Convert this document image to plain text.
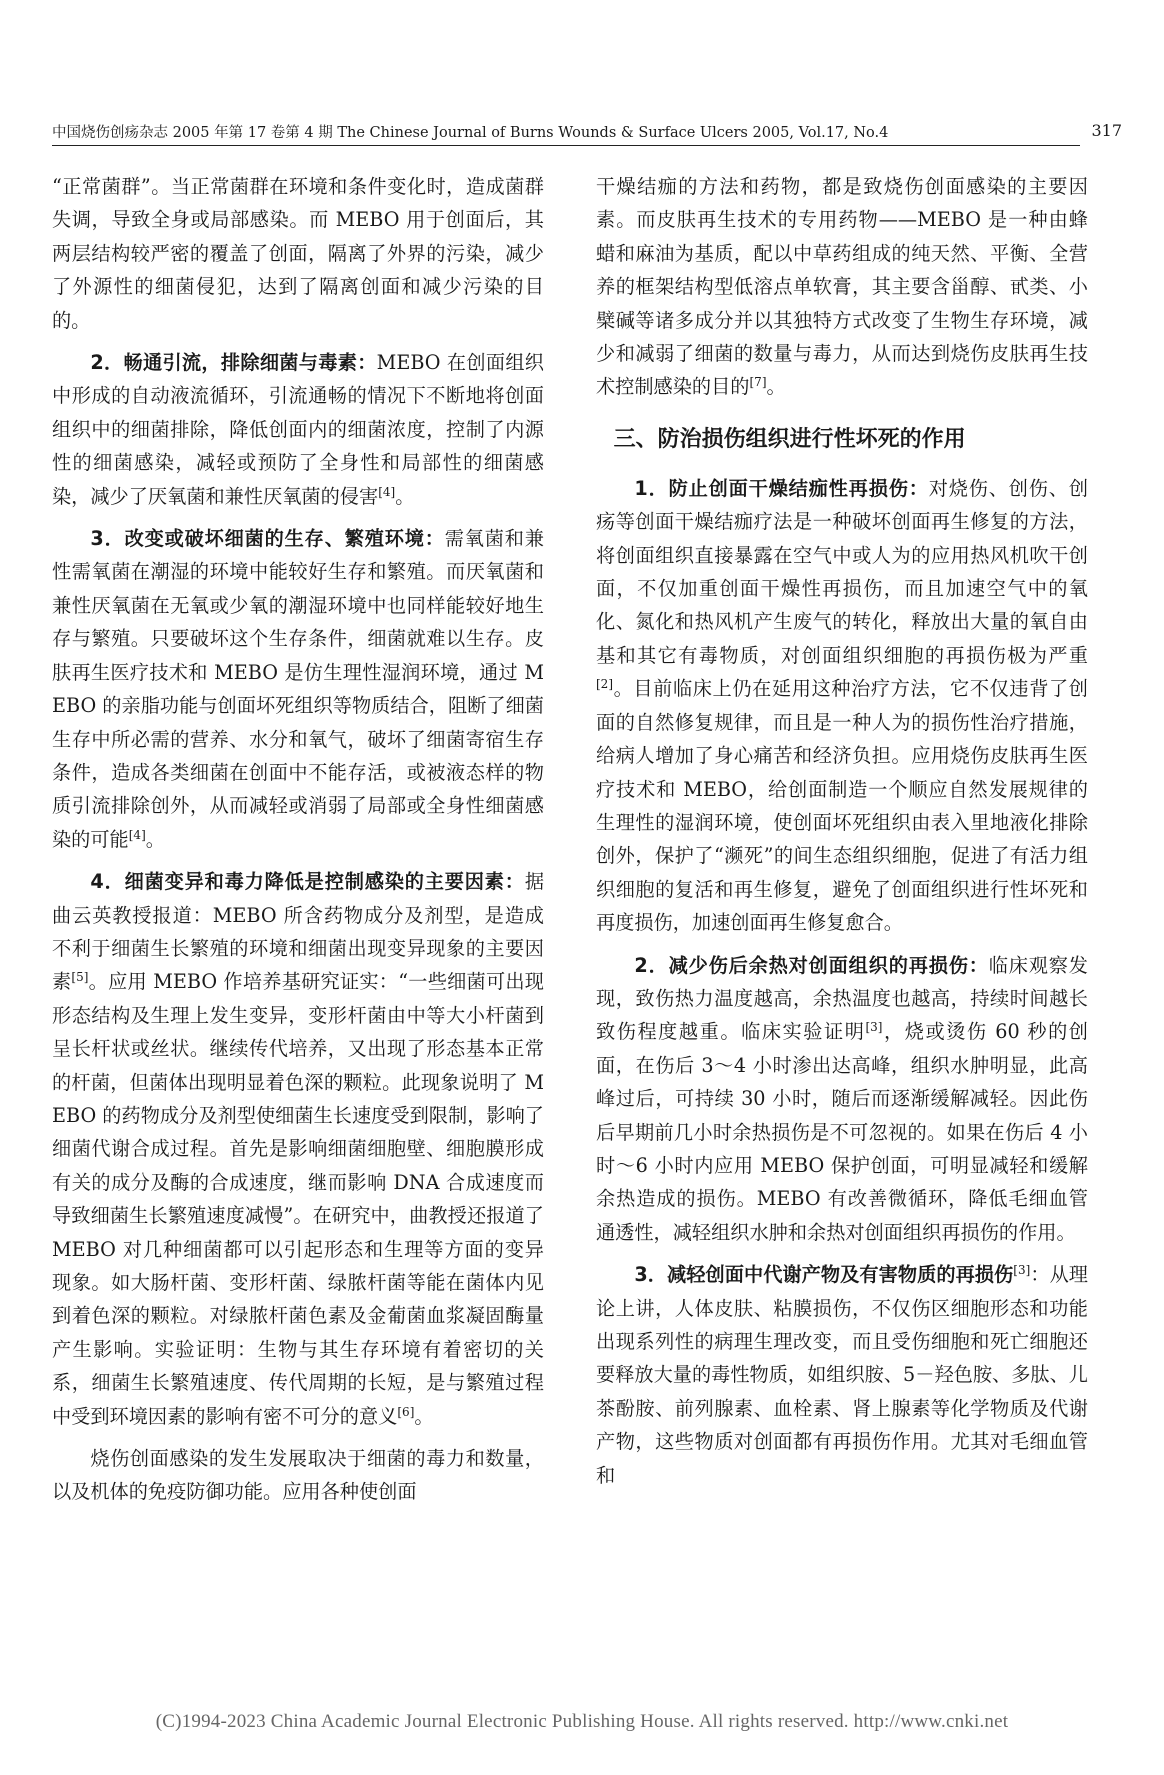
中国烧伤创疡杂志 2005 年第 17 卷第 4 期 The Chinese Journal of Burns Wounds & Surface Ulcers 2005, Vol.17, No.4	317

“正常菌群”。当正常菌群在环境和条件变化时，造成菌群失调，导致全身或局部感染。而 MEBO 用于创面后，其两层结构较严密的覆盖了创面，隔离了外界的污染，减少了外源性的细菌侵犯，达到了隔离创面和减少污染的目的。

2．畅通引流，排除细菌与毒素：MEBO 在创面组织中形成的自动液流循环，引流通畅的情况下不断地将创面组织中的细菌排除，降低创面内的细菌浓度，控制了内源性的细菌感染，减轻或预防了全身性和局部性的细菌感染，减少了厌氧菌和兼性厌氧菌的侵害[4]。

3．改变或破坏细菌的生存、繁殖环境：需氧菌和兼性需氧菌在潮湿的环境中能较好生存和繁殖。而厌氧菌和兼性厌氧菌在无氧或少氧的潮湿环境中也同样能较好地生存与繁殖。只要破坏这个生存条件，细菌就难以生存。皮肤再生医疗技术和 MEBO 是仿生理性湿润环境，通过 MEBO 的亲脂功能与创面坏死组织等物质结合，阻断了细菌生存中所必需的营养、水分和氧气，破坏了细菌寄宿生存条件，造成各类细菌在创面中不能存活，或被液态样的物质引流排除创外，从而减轻或消弱了局部或全身性细菌感染的可能[4]。

4．细菌变异和毒力降低是控制感染的主要因素：据曲云英教授报道：MEBO 所含药物成分及剂型，是造成不利于细菌生长繁殖的环境和细菌出现变异现象的主要因素[5]。应用 MEBO 作培养基研究证实：“一些细菌可出现形态结构及生理上发生变异，变形杆菌由中等大小杆菌到呈长杆状或丝状。继续传代培养，又出现了形态基本正常的杆菌，但菌体出现明显着色深的颗粒。此现象说明了 MEBO 的药物成分及剂型使细菌生长速度受到限制，影响了细菌代谢合成过程。首先是影响细菌细胞壁、细胞膜形成有关的成分及酶的合成速度，继而影响 DNA 合成速度而导致细菌生长繁殖速度减慢”。在研究中，曲教授还报道了 MEBO 对几种细菌都可以引起形态和生理等方面的变异现象。如大肠杆菌、变形杆菌、绿脓杆菌等能在菌体内见到着色深的颗粒。对绿脓杆菌色素及金葡菌血浆凝固酶量产生影响。实验证明：生物与其生存环境有着密切的关系，细菌生长繁殖速度、传代周期的长短，是与繁殖过程中受到环境因素的影响有密不可分的意义[6]。

烧伤创面感染的发生发展取决于细菌的毒力和数量，以及机体的免疫防御功能。应用各种使创面

干燥结痂的方法和药物，都是致烧伤创面感染的主要因素。而皮肤再生技术的专用药物——MEBO 是一种由蜂蜡和麻油为基质，配以中草药组成的纯天然、平衡、全营养的框架结构型低溶点单软膏，其主要含甾醇、甙类、小檗碱等诸多成分并以其独特方式改变了生物生存环境，减少和减弱了细菌的数量与毒力，从而达到烧伤皮肤再生技术控制感染的目的[7]。

三、防治损伤组织进行性坏死的作用

1．防止创面干燥结痂性再损伤：对烧伤、创伤、创疡等创面干燥结痂疗法是一种破坏创面再生修复的方法，将创面组织直接暴露在空气中或人为的应用热风机吹干创面，不仅加重创面干燥性再损伤，而且加速空气中的氧化、氮化和热风机产生废气的转化，释放出大量的氧自由基和其它有毒物质，对创面组织细胞的再损伤极为严重[2]。目前临床上仍在延用这种治疗方法，它不仅违背了创面的自然修复规律，而且是一种人为的损伤性治疗措施，给病人增加了身心痛苦和经济负担。应用烧伤皮肤再生医疗技术和 MEBO，给创面制造一个顺应自然发展规律的生理性的湿润环境，使创面坏死组织由表入里地液化排除创外，保护了“濒死”的间生态组织细胞，促进了有活力组织细胞的复活和再生修复，避免了创面组织进行性坏死和再度损伤，加速创面再生修复愈合。

2．减少伤后余热对创面组织的再损伤：临床观察发现，致伤热力温度越高，余热温度也越高，持续时间越长致伤程度越重。临床实验证明[3]，烧或烫伤 60 秒的创面，在伤后 3～4 小时渗出达高峰，组织水肿明显，此高峰过后，可持续 30 小时，随后而逐渐缓解减轻。因此伤后早期前几小时余热损伤是不可忽视的。如果在伤后 4 小时～6 小时内应用 MEBO 保护创面，可明显减轻和缓解余热造成的损伤。MEBO 有改善微循环，降低毛细血管通透性，减轻组织水肿和余热对创面组织再损伤的作用。

3．减轻创面中代谢产物及有害物质的再损伤[3]：从理论上讲，人体皮肤、粘膜损伤，不仅伤区细胞形态和功能出现系列性的病理生理改变，而且受伤细胞和死亡细胞还要释放大量的毒性物质，如组织胺、5－羟色胺、多肽、儿茶酚胺、前列腺素、血栓素、肾上腺素等化学物质及代谢产物，这些物质对创面都有再损伤作用。尤其对毛细血管和

(C)1994-2023 China Academic Journal Electronic Publishing House. All rights reserved. http://www.cnki.net
